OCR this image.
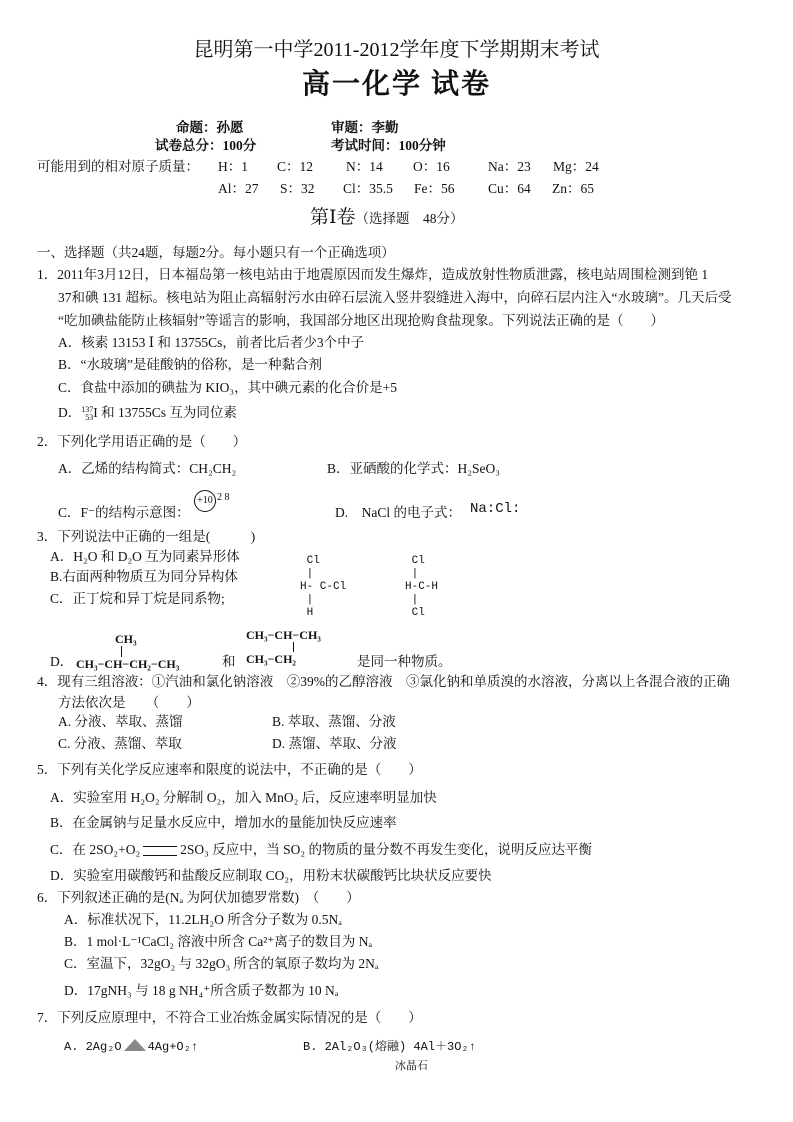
昆明第一中学2011-2012学年度下学期期末考试
高一化学 试卷
命题：孙愿	审题：李勤
试卷总分：100分	考试时间：100分钟
可能用到的相对原子质量： H：1 C：12 N：14 O：16	Na：23 Mg：24
Al：27 S：32 Cl：35.5 Fe：56 Cu：64 Zn：65
第Ⅰ卷（选择题　48分）
一、选择题（共24题，每题2分。每小题只有一个正确选项）
1．2011年3月12日，日本福岛第一核电站由于地震原因而发生爆炸，造成放射性物质泄露，核电站周围检测到铯 1
37和碘 131 超标。核电站为阻止高辐射污水由碎石层流入竖井裂缝进入海中，向碎石层内注入“水玻璃”。几天后受
“吃加碘盐能防止核辐射”等谣言的影响，我国部分地区出现抢购食盐现象。下列说法正确的是（　　）
A．核素 13153 Ⅰ 和 13755Cs，前者比后者少3个中子
B．“水玻璃”是硅酸钠的俗称，是一种黏合剂
C．食盐中添加的碘盐为 KIO₃，其中碘元素的化合价是+5
D．137
53I 和 13755Cs 互为同位素
2．下列化学用语正确的是（　　）
A．乙烯的结构简式：CH₂CH₂	B．亚硒酸的化学式：H₂SeO₃
C．F⁻的结构示意图：
+10 2 8
D.　NaCl 的电子式： Na:Cl:
3．下列说法中正确的一组是(　　　)
A．H₂O 和 D₂O 互为同素异形体
B.右面两种物质互为同分异构体
C．正丁烷和异丁烷是同系物;
Cl
|
H- C-Cl
|
H
Cl
|
H-C-H
|
Cl
D．
CH₃
CH₃−CH−CH₂−CH₃	和
CH₃−CH−CH₃
CH₃−CH₂	是同一种物质。
4．现有三组溶液：①汽油和氯化钠溶液　②39%的乙醇溶液　③氯化钠和单质溴的水溶液，分离以上各混合液的正确
方法依次是　　（　　）
A. 分液、萃取、蒸馏	B. 萃取、蒸馏、分液
C. 分液、蒸馏、萃取	D. 蒸馏、萃取、分液
5．下列有关化学反应速率和限度的说法中，不正确的是（　　）
A．实验室用 H₂O₂ 分解制 O₂，加入 MnO₂ 后，反应速率明显加快
B．在金属钠与足量水反应中，增加水的量能加快反应速率
C．在 2SO₂+O₂	2SO₃ 反应中，当 SO₂ 的物质的量分数不再发生变化，说明反应达平衡
D．实验室用碳酸钙和盐酸反应制取 CO₂，用粉末状碳酸钙比块状反应要快
6．下列叙述正确的是(Nₐ 为阿伏加德罗常数)　（　　）
A．标准状况下，11.2LH₂O 所含分子数为 0.5Nₐ
B．1 mol·L⁻¹CaCl₂ 溶液中所含 Ca²⁺离子的数目为 Nₐ
C．室温下，32gO₂ 与 32gO₃ 所含的氧原子数均为 2Nₐ
D．17gNH₃ 与 18 g NH₄⁺所含质子数都为 10 Nₐ
7．下列反应原理中，不符合工业冶炼金属实际情况的是（　　）
A. 2Ag₂O 4Ag+O₂↑	B. 2Al₂O₃(熔融) 4Al＋3O₂↑
冰晶石
